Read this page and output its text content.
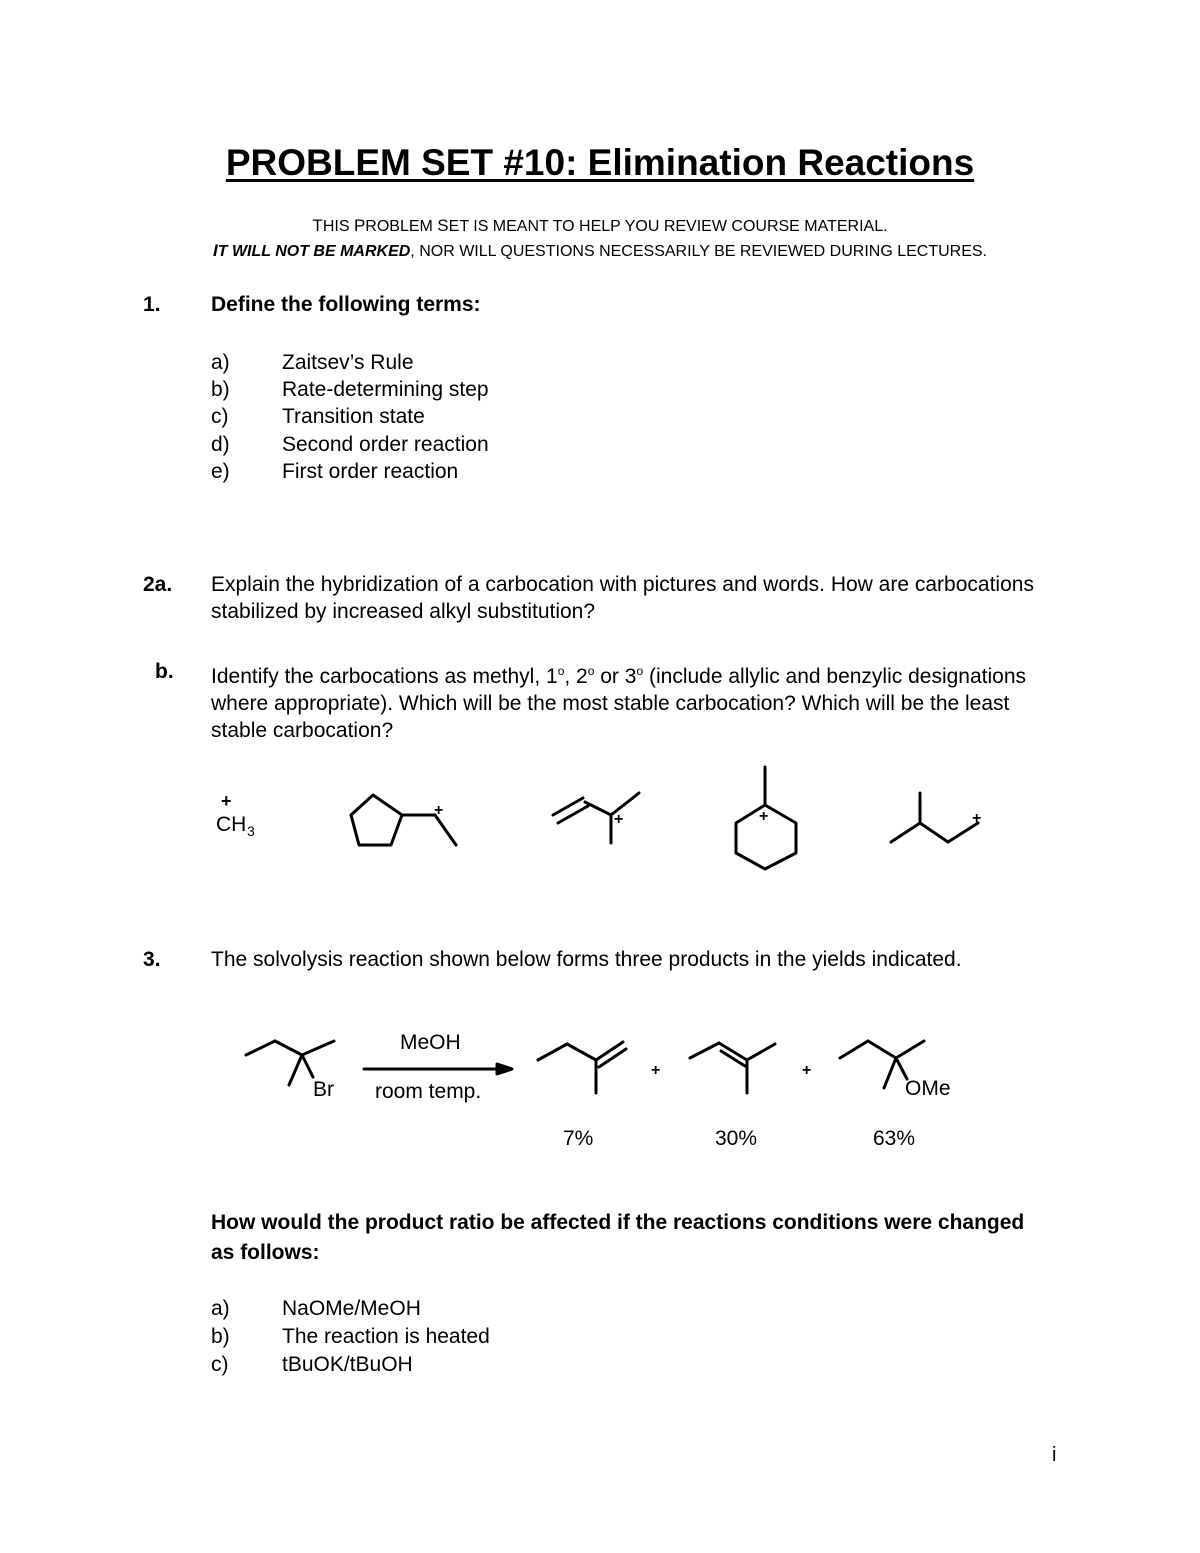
PROBLEM SET #10: Elimination Reactions
THIS PROBLEM SET IS MEANT TO HELP YOU REVIEW COURSE MATERIAL.
IT WILL NOT BE MARKED, NOR WILL QUESTIONS NECESSARILY BE REVIEWED DURING LECTURES.
1. Define the following terms:
a) Zaitsev’s Rule
b) Rate-determining step
c)	Transition state
d) Second order reaction
e) First order reaction
2a. Explain the hybridization of a carbocation with pictures and words. How are carbocations stabilized by increased alkyl substitution?
b. Identify the carbocations as methyl, 1$^o$, 2$^o$ or 3$^o$ (include allylic and benzylic designations where appropriate). Which will be the most stable carbocation? Which will be the least stable carbocation?
3. The solvolysis reaction shown below forms three products in the yields indicated.
How would the product ratio be affected if the reactions conditions were changed as follows:
a) NaOMe/MeOH
b) The reaction is heated
c)	tBuOK/tBuOH
i
+
CH 3
+
+	+	+
Br
MeOH
room temp.
+	+
OMe
7%	30%	63%
